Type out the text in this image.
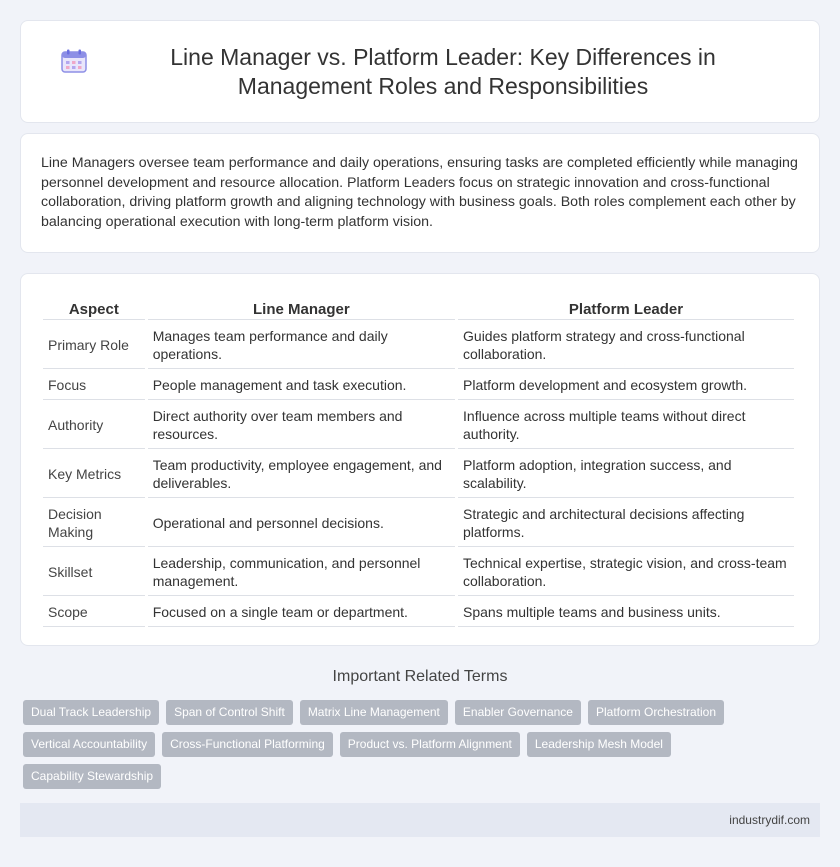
Line Manager vs. Platform Leader: Key Differences in Management Roles and Responsibilities

Line Managers oversee team performance and daily operations, ensuring tasks are completed efficiently while managing personnel development and resource allocation. Platform Leaders focus on strategic innovation and cross-functional collaboration, driving platform growth and aligning technology with business goals. Both roles complement each other by balancing operational execution with long-term platform vision.

Aspect	Line Manager	Platform Leader
Primary Role	Manages team performance and daily operations.	Guides platform strategy and cross-functional collaboration.
Focus	People management and task execution.	Platform development and ecosystem growth.
Authority	Direct authority over team members and resources.	Influence across multiple teams without direct authority.
Key Metrics	Team productivity, employee engagement, and deliverables.	Platform adoption, integration success, and scalability.
Decision Making	Operational and personnel decisions.	Strategic and architectural decisions affecting platforms.
Skillset	Leadership, communication, and personnel management.	Technical expertise, strategic vision, and cross-team collaboration.
Scope	Focused on a single team or department.	Spans multiple teams and business units.
Important Related Terms
Dual Track Leadership	Span of Control Shift	Matrix Line Management	Enabler Governance	Platform Orchestration
Vertical Accountability	Cross-Functional Platforming	Product vs. Platform Alignment	Leadership Mesh Model
Capability Stewardship
industrydif.com
